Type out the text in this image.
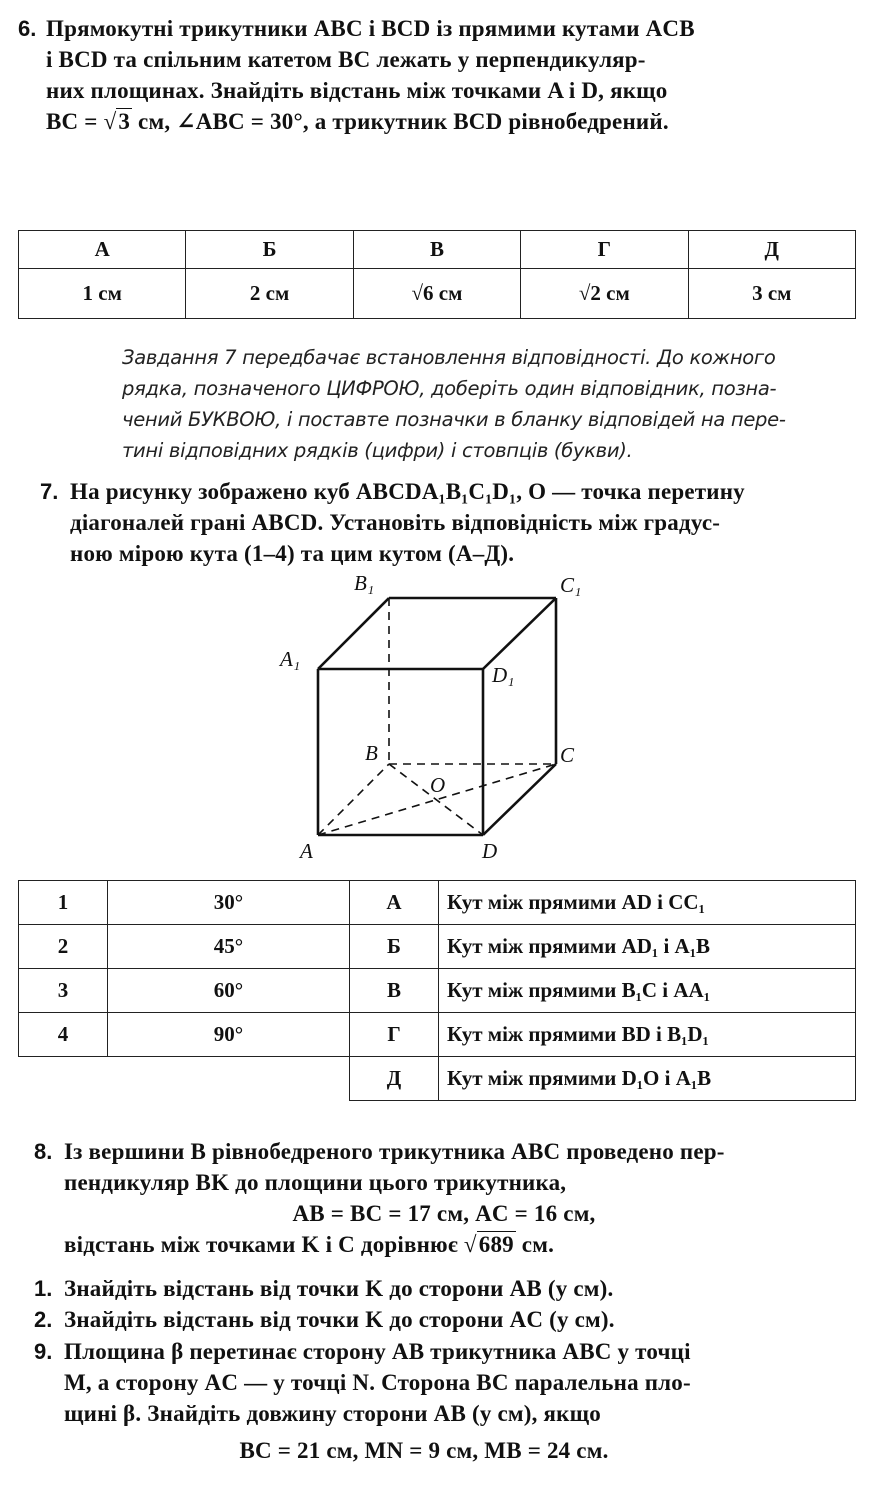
6. Прямокутні трикутники ABC і BCD із прямими кутами ACB
і BCD та спільним катетом BC лежать у перпендикуляр-
них площинах. Знайдіть відстань між точками A і D, якщо
BC = √3 см, ∠ABC = 30°, а трикутник BCD рівнобедрений.
А	Б	В	Г	Д
1 см	2 см	√6 см	√2 см	3 см
Завдання 7 передбачає встановлення відповідності. До кожного
рядка, позначеного ЦИФРОЮ, доберіть один відповідник, позна-
чений БУКВОЮ, і поставте позначки в бланку відповідей на пере-
тині відповідних рядків (цифри) і стовпців (букви).
7. На рисунку зображено куб ABCDA₁B₁C₁D₁, O — точка перетину
діагоналей грані ABCD. Установіть відповідність між градус-
ною мірою кута (1–4) та цим кутом (А–Д).
B₁	C₁
A₁
D₁
B	C
O
A	D
1	30°	А	Кут між прямими AD і CC₁
2	45°	Б	Кут між прямими AD₁ і A₁B
3	60°	В	Кут між прямими B₁C і AA₁
4	90°	Г	Кут між прямими BD і B₁D₁
		Д	Кут між прямими D₁O і A₁B
8. Із вершини B рівнобедреного трикутника ABC проведено пер-
пендикуляр BK до площини цього трикутника,
AB = BC = 17 см, AC = 16 см,
відстань між точками K і C дорівнює √689 см.
1. Знайдіть відстань від точки K до сторони AB (у см).
2. Знайдіть відстань від точки K до сторони AC (у см).
9. Площина β перетинає сторону AB трикутника ABC у точці
M, а сторону AC — у точці N. Сторона BC паралельна пло-
щині β. Знайдіть довжину сторони AB (у см), якщо
BC = 21 см, MN = 9 см, MB = 24 см.
